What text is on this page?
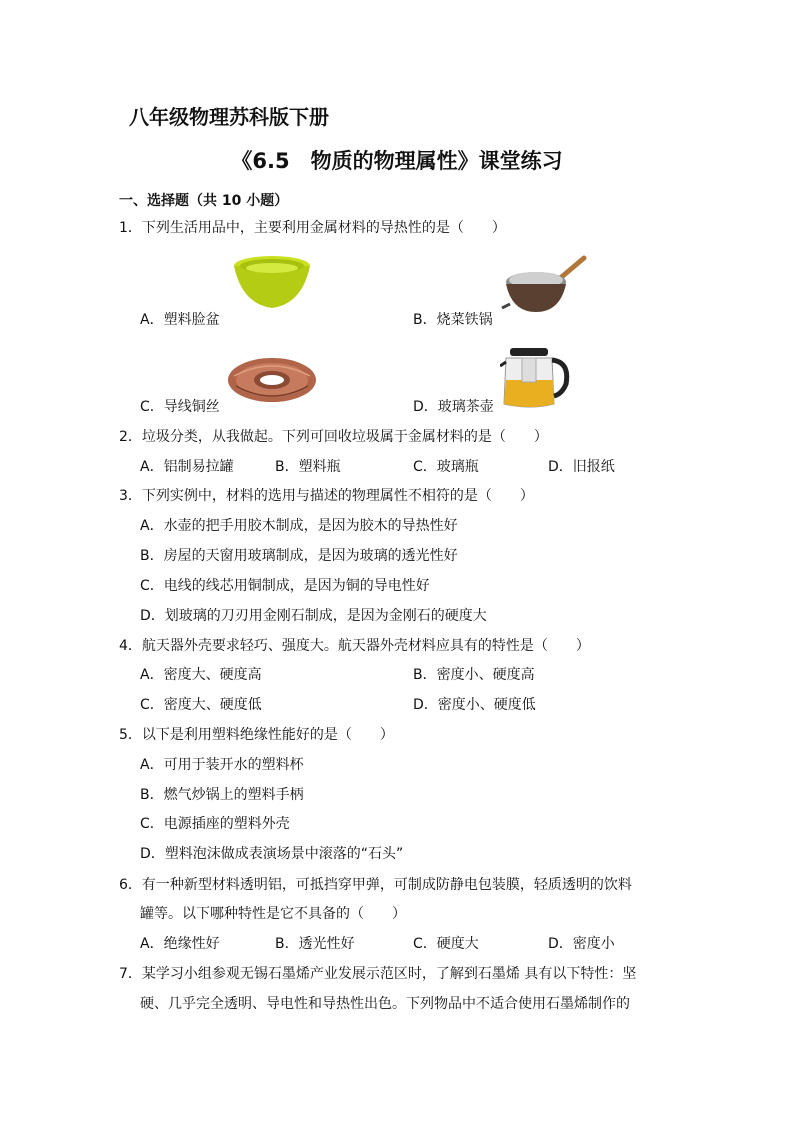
八年级物理苏科版下册
《6.5　物质的物理属性》课堂练习
一、选择题（共 10 小题）
1．下列生活用品中，主要利用金属材料的导热性的是（　　）
A．塑料脸盆	B．烧菜铁锅
C．导线铜丝	D．玻璃茶壶
2．垃圾分类，从我做起。下列可回收垃圾属于金属材料的是（　　）
A．铝制易拉罐	B．塑料瓶	C．玻璃瓶	D．旧报纸
3．下列实例中，材料的选用与描述的物理属性不相符的是（　　）
A．水壶的把手用胶木制成，是因为胶木的导热性好
B．房屋的天窗用玻璃制成，是因为玻璃的透光性好
C．电线的线芯用铜制成，是因为铜的导电性好
D．划玻璃的刀刃用金刚石制成，是因为金刚石的硬度大
4．航天器外壳要求轻巧、强度大。航天器外壳材料应具有的特性是（　　）
A．密度大、硬度高	B．密度小、硬度高
C．密度大、硬度低	D．密度小、硬度低
5．以下是利用塑料绝缘性能好的是（　　）
A．可用于装开水的塑料杯
B．燃气炒锅上的塑料手柄
C．电源插座的塑料外壳
D．塑料泡沫做成表演场景中滚落的“石头”
6．有一种新型材料透明铝，可抵挡穿甲弹，可制成防静电包装膜，轻质透明的饮料
罐等。以下哪种特性是它不具备的（　　）
A．绝缘性好	B．透光性好	C．硬度大	D．密度小
7．某学习小组参观无锡石墨烯产业发展示范区时，了解到石墨烯 具有以下特性：坚
硬、几乎完全透明、导电性和导热性出色。下列物品中不适合使用石墨烯制作的
